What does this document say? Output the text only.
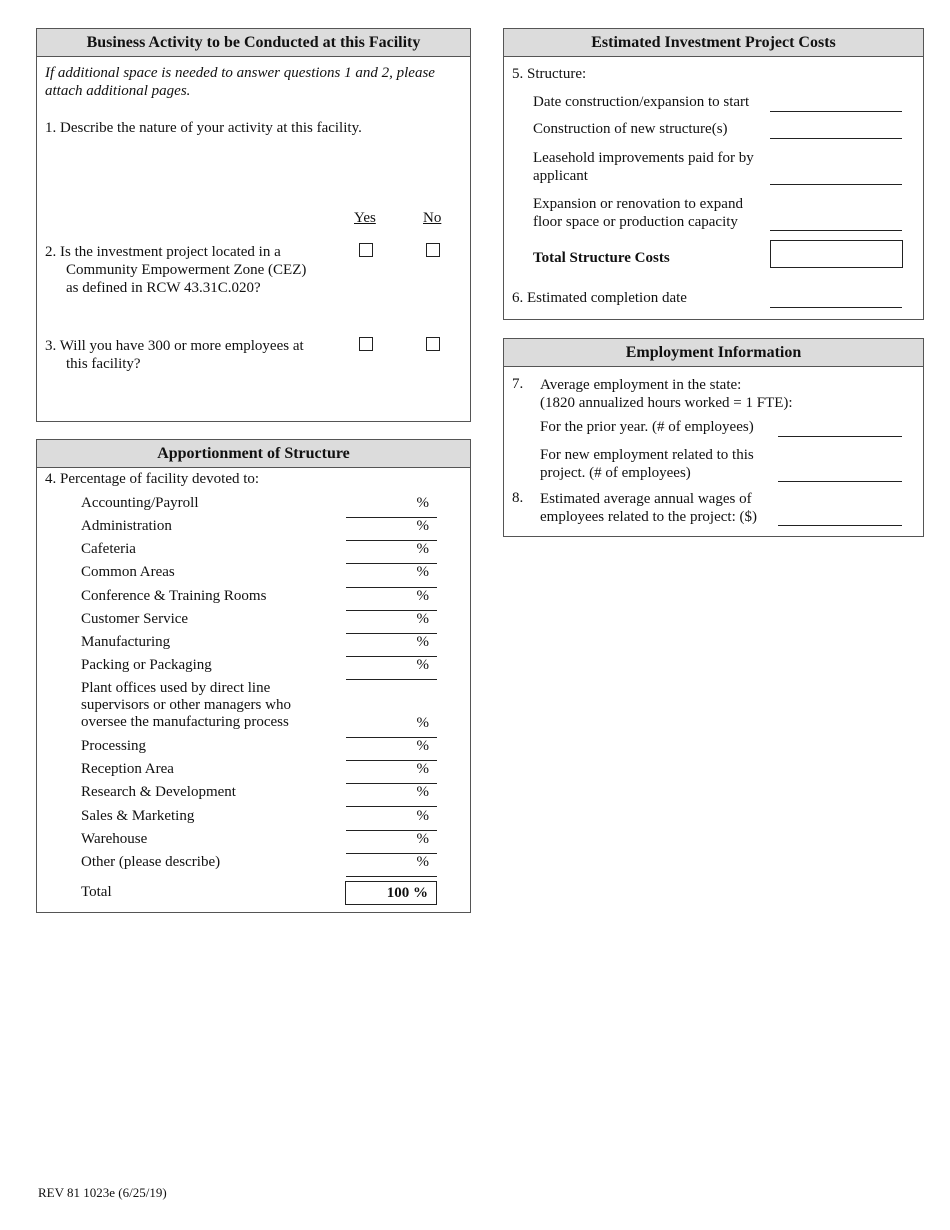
Business Activity to be Conducted at this Facility
If additional space is needed to answer questions 1 and 2, please attach additional pages.
1. Describe the nature of your activity at this facility.
Yes	No
2. Is the investment project located in a
Community Empowerment Zone (CEZ)
as defined in RCW 43.31C.020?
3. Will you have 300 or more employees at
this facility?
Apportionment of Structure
4. Percentage of facility devoted to:
Accounting/Payroll	%
Administration	%
Cafeteria	%
Common Areas	%
Conference & Training Rooms	%
Customer Service	%
Manufacturing	%
Packing or Packaging	%
Plant offices used by direct line supervisors or other managers who oversee the manufacturing process	%
Processing	%
Reception Area	%
Research & Development	%
Sales & Marketing	%
Warehouse	%
Other (please describe)	%
Total	100 %
Estimated Investment Project Costs
5. Structure:
Date construction/expansion to start
Construction of new structure(s)
Leasehold improvements paid for by applicant
Expansion or renovation to expand floor space or production capacity
Total Structure Costs
6. Estimated completion date
Employment Information
7. Average employment in the state:
(1820 annualized hours worked = 1 FTE):
For the prior year. (# of employees)
For new employment related to this project. (# of employees)
8. Estimated average annual wages of employees related to the project: ($)
REV 81 1023e (6/25/19)
